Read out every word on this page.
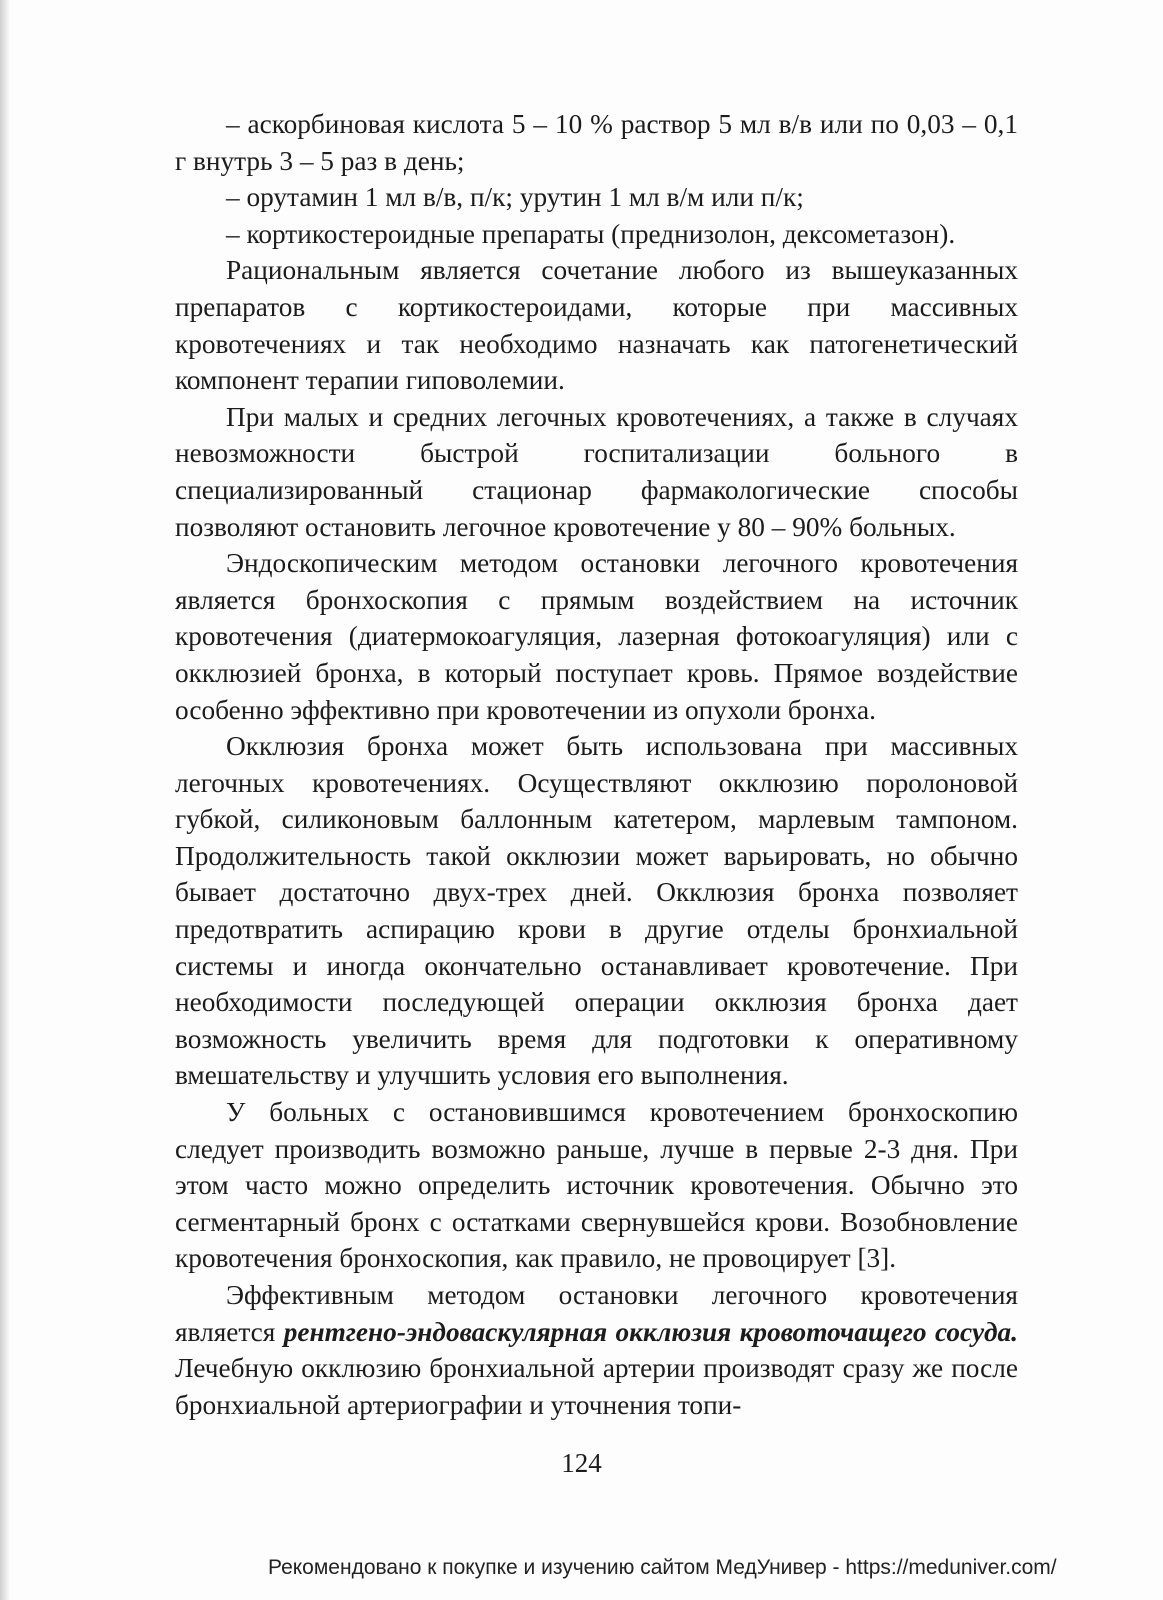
– аскорбиновая кислота 5 – 10 % раствор 5 мл в/в или по 0,03 – 0,1 г внутрь 3 – 5 раз в день;

– орутамин 1 мл в/в, п/к; урутин 1 мл в/м или п/к;

– кортикостероидные препараты (преднизолон, дексометазон).

Рациональным является сочетание любого из вышеуказанных препаратов с кортикостероидами, которые при массивных кровотечениях и так необходимо назначать как патогенетический компонент терапии гиповолемии.

При малых и средних легочных кровотечениях, а также в случаях невозможности быстрой госпитализации больного в специализированный стационар фармакологические способы позволяют остановить легочное кровотечение у 80 – 90% больных.

Эндоскопическим методом остановки легочного кровотечения является бронхоскопия с прямым воздействием на источник кровотечения (диатермокоагуляция, лазерная фотокоагуляция) или с окклюзией бронха, в который поступает кровь. Прямое воздействие особенно эффективно при кровотечении из опухоли бронха.

Окклюзия бронха может быть использована при массивных легочных кровотечениях. Осуществляют окклюзию поролоновой губкой, силиконовым баллонным катетером, марлевым тампоном. Продолжительность такой окклюзии может варьировать, но обычно бывает достаточно двух-трех дней. Окклюзия бронха позволяет предотвратить аспирацию крови в другие отделы бронхиальной системы и иногда окончательно останавливает кровотечение. При необходимости последующей операции окклюзия бронха дает возможность увеличить время для подготовки к оперативному вмешательству и улучшить условия его выполнения.

У больных с остановившимся кровотечением бронхоскопию следует производить возможно раньше, лучше в первые 2-3 дня. При этом часто можно определить источник кровотечения. Обычно это сегментарный бронх с остатками свернувшейся крови. Возобновление кровотечения бронхоскопия, как правило, не провоцирует [3].

Эффективным методом остановки легочного кровотечения является рентгено-эндоваскулярная окклюзия кровоточащего сосуда. Лечебную окклюзию бронхиальной артерии производят сразу же после бронхиальной артериографии и уточнения топи-

124
Рекомендовано к покупке и изучению сайтом МедУнивер - https://meduniver.com/
